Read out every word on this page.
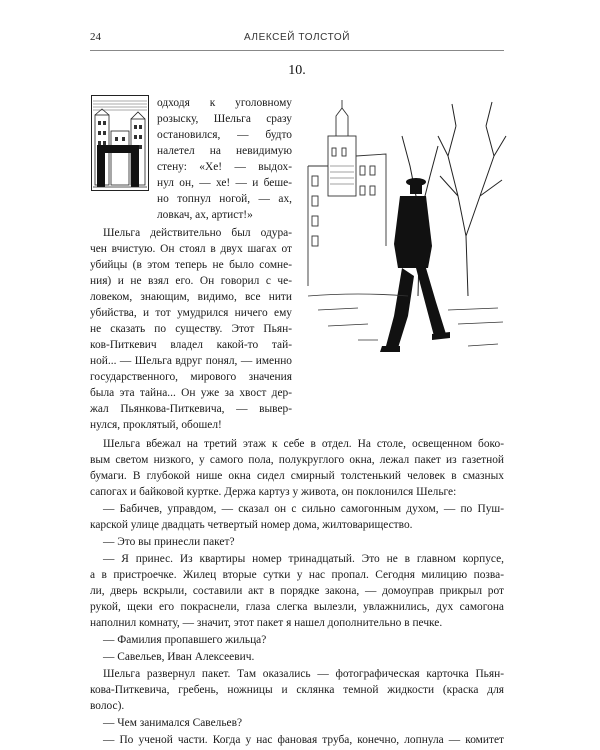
24	АЛЕКСЕЙ ТОЛСТОЙ
10.
одходя к уголовному
розыску, Шельга сразу
остановился, — будто
налетел на невидимую
стену: «Хе! — выдох-
нул он, — хе! — и бешe-
но топнул ногой, — ах,
ловкач, ах, артист!»
Шельга действительно был одурa-
чен вчистую. Он стоял в двух шагах от
убийцы (в этом теперь не было сомне-
ния) и не взял его. Он говорил с че-
ловеком, знающим, видимо, все нити
убийства, и тот умудрился ничего ему
не сказать по существу. Этот Пьян-
ков-Питкевич владел какой-то тай-
ной... — Шельга вдруг понял, — именно
государственного, мирового значения
была эта тайна... Он уже за хвост дер-
жал Пьянкова-Питкевича, — вывер-
нулся, проклятый, обошел!
Шельга вбежал на третий этаж к себе в отдел. На столе, освещенном боко-
вым светом низкого, у самого пола, полукруглого окна, лежал пакет из газетной
бумаги. В глубокой нише окна сидел смирный толстенький человек в смазных
сапогах и байковой куртке. Держа картуз у живота, он поклонился Шельге:
— Бабичев, управдом, — сказал он с сильно самогонным духом, — по Пуш-
карской улице двадцать четвертый номер дома, жилтоварищество.
— Это вы принесли пакет?
— Я принес. Из квартиры номер тринадцатый. Это не в главном корпусе,
а в пристроечке. Жилец вторые сутки у нас пропал. Сегодня милицию позва-
ли, дверь вскрыли, составили акт в порядке закона, — домоуправ прикрыл рот
рукой, щеки его покраснели, глаза слегка вылезли, увлажнились, дух самогона
наполнил комнату, — значит, этот пакет я нашел дополнительно в печке.
— Фамилия пропавшего жильца?
— Савельев, Иван Алексеевич.
Шельга развернул пакет. Там оказались — фотографическая карточка Пьян-
кова-Питкевича, гребень, ножницы и склянка темной жидкости (краска для
волос).
— Чем занимался Савельев?
— По ученой части. Когда у нас фановая труба, конечно, лопнула — комитет
